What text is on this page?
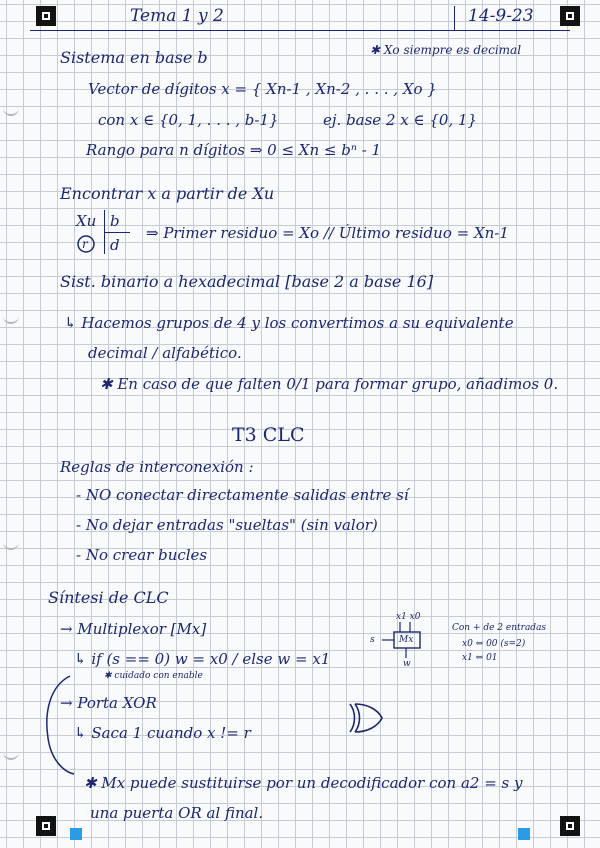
Tema 1 y 2	14-9-23
✱ Xo siempre es decimal
Sistema en base b
Vector de dígitos x = { Xn-1 , Xn-2 , . . . , Xo }
con x ∈ {0, 1, . . . , b-1}	ej. base 2 x ∈ {0, 1}
Rango para n dígitos ⇒ 0 ≤ Xn ≤ bⁿ - 1
Encontrar x a partir de Xu
Xu b
r d
⇒ Primer residuo = Xo // Último residuo = Xn-1
Sist. binario a hexadecimal [base 2 a base 16]
↳ Hacemos grupos de 4 y los convertimos a su equivalente
decimal / alfabético.
✱ En caso de que falten 0/1 para formar grupo, añadimos 0.
T3 CLC
Reglas de interconexión :
- NO conectar directamente salidas entre sí
- No dejar entradas "sueltas" (sin valor)
- No crear bucles
Síntesi de CLC
→ Multiplexor [Mx]
↳ if (s == 0) w = x0 / else w = x1
✱ cuidado con enable
→ Porta XOR
↳ Saca 1 cuando x != r
✱ Mx puede sustituirse por un decodificador con a2 = s y
una puerta OR al final.
x1 x0
Mx
s
w
Con + de 2 entradas
x0 ⇔ 00 (s=2)
x1 ⇔ 01
